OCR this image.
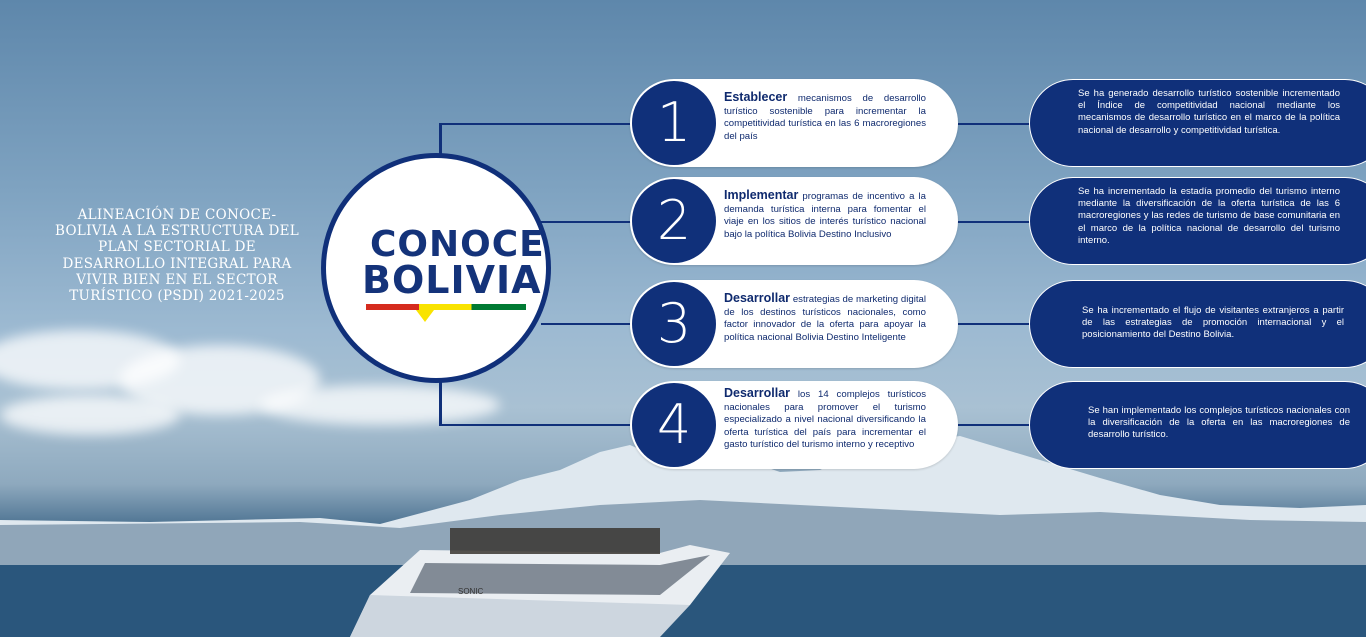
SONIC
ALINEACIÓN DE CONOCE-BOLIVIA A LA ESTRUCTURA DEL PLAN SECTORIAL DE DESARROLLO INTEGRAL PARA VIVIR BIEN EN EL SECTOR TURÍSTICO (PSDI) 2021-2025
CONOCE
BOLIVIA
1	Establecer mecanismos de desarrollo turístico sostenible para incrementar la competitividad turística en las 6 macroregiones del país
2	Implementar programas de incentivo a la demanda turística interna para fomentar el viaje en los sitios de interés turístico nacional bajo la política Bolivia Destino Inclusivo
3	Desarrollar estrategias de marketing digital de los destinos turísticos nacionales, como factor innovador de la oferta para apoyar la política nacional Bolivia Destino Inteligente
4	Desarrollar los 14 complejos turísticos nacionales para promover el turismo especializado a nivel nacional diversificando la oferta turística del país para incrementar el gasto turístico del turismo interno y receptivo
Se ha generado desarrollo turístico sostenible incrementado el Índice de competitividad nacional mediante los mecanismos de desarrollo turístico en el marco de la política nacional de desarrollo y competitividad turística.
Se ha incrementado la estadía promedio del turismo interno mediante la diversificación de la oferta turística de las 6 macroregiones y las redes de turismo de base comunitaria en el marco de la política nacional de desarrollo del turismo interno.
Se ha incrementado el flujo de visitantes extranjeros a partir de las estrategias de promoción internacional y el posicionamiento del Destino Bolivia.
Se han implementado los complejos turísticos nacionales con la diversificación de la oferta en las macroregiones de desarrollo turístico.
